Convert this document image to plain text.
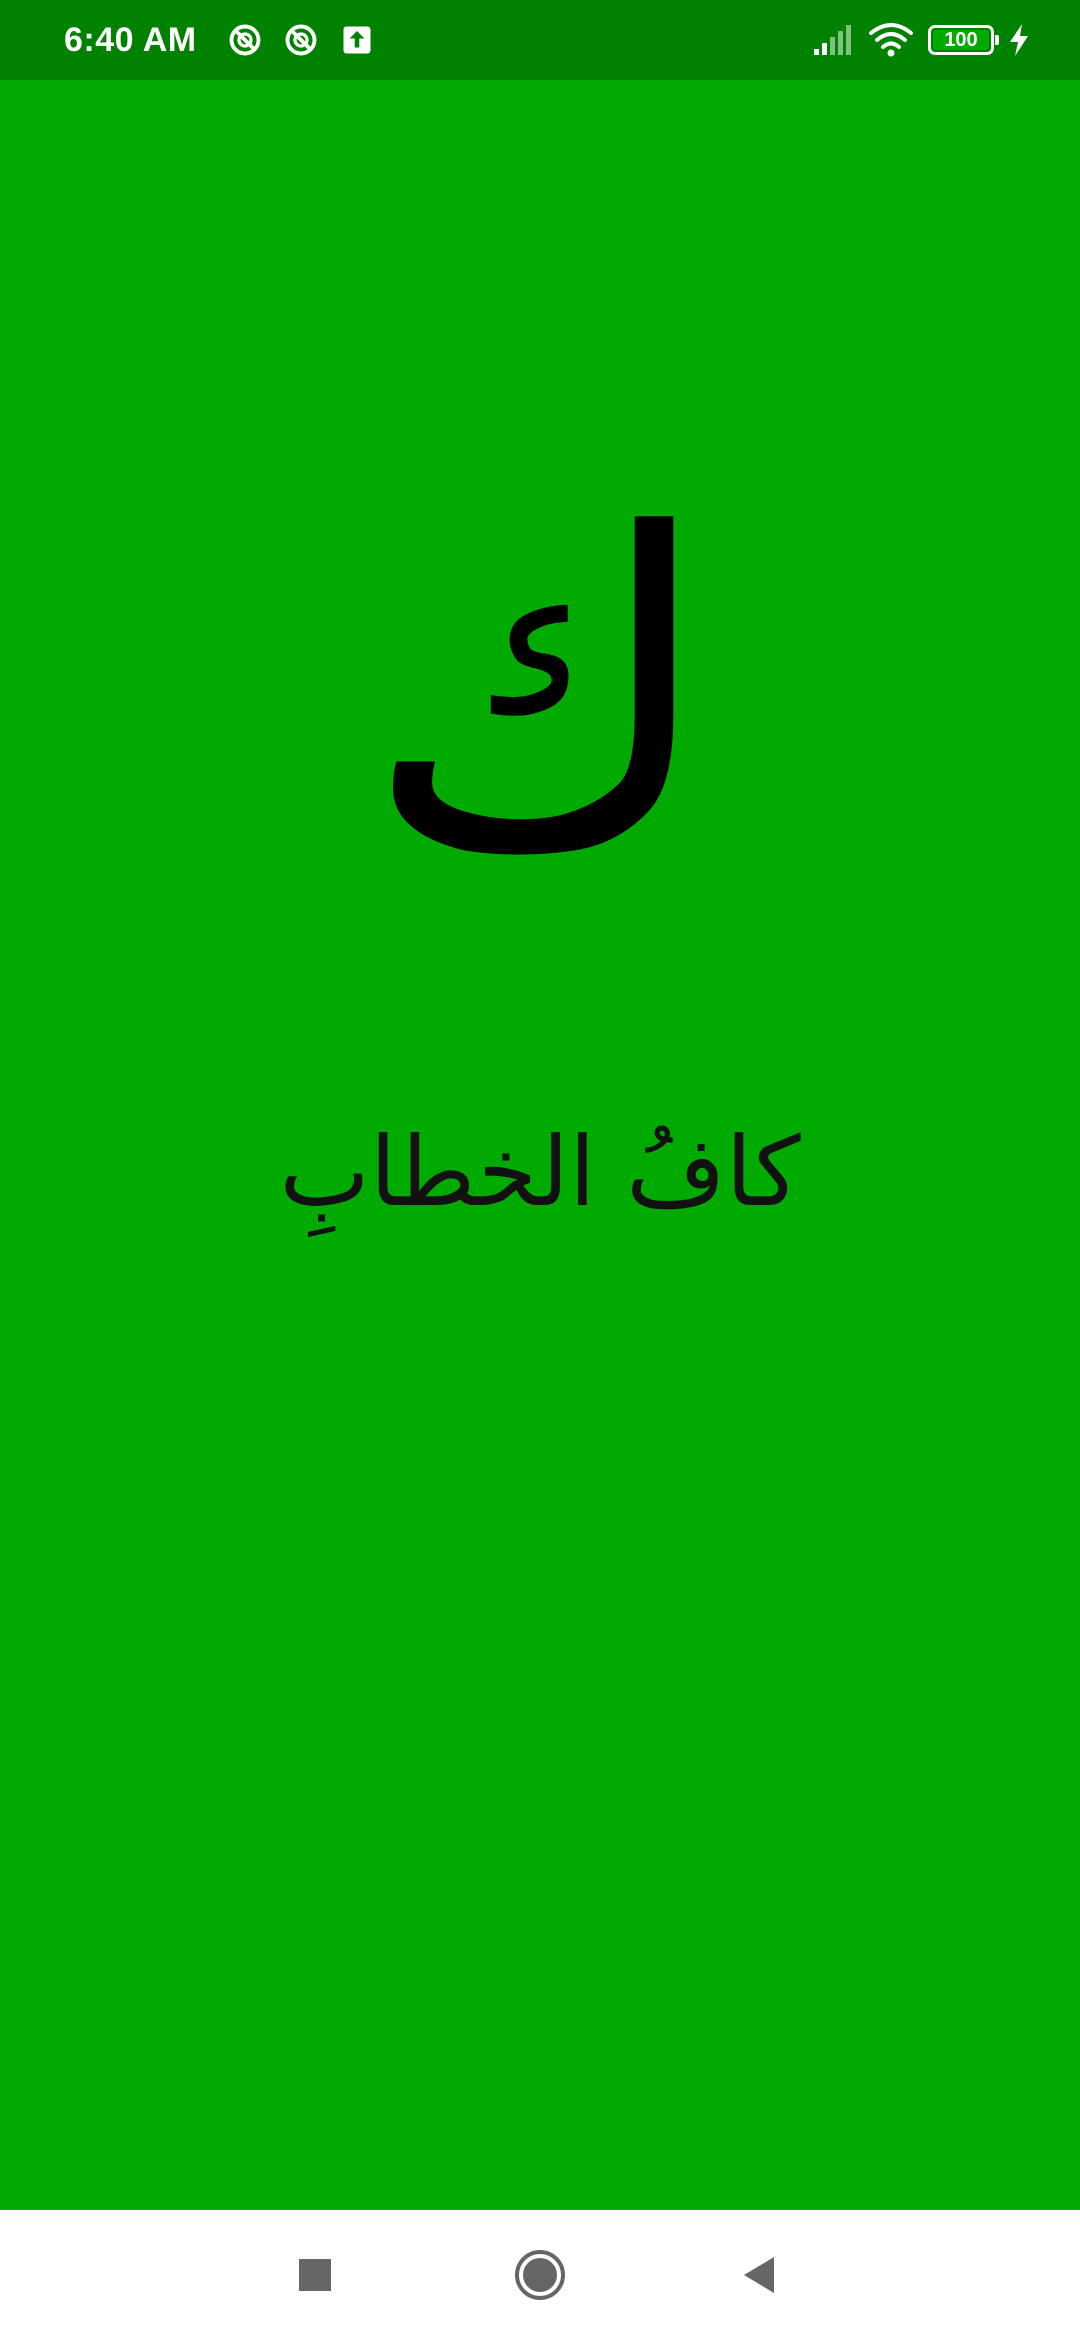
6:40 AM	100
ك
كافُ الخطابِ
